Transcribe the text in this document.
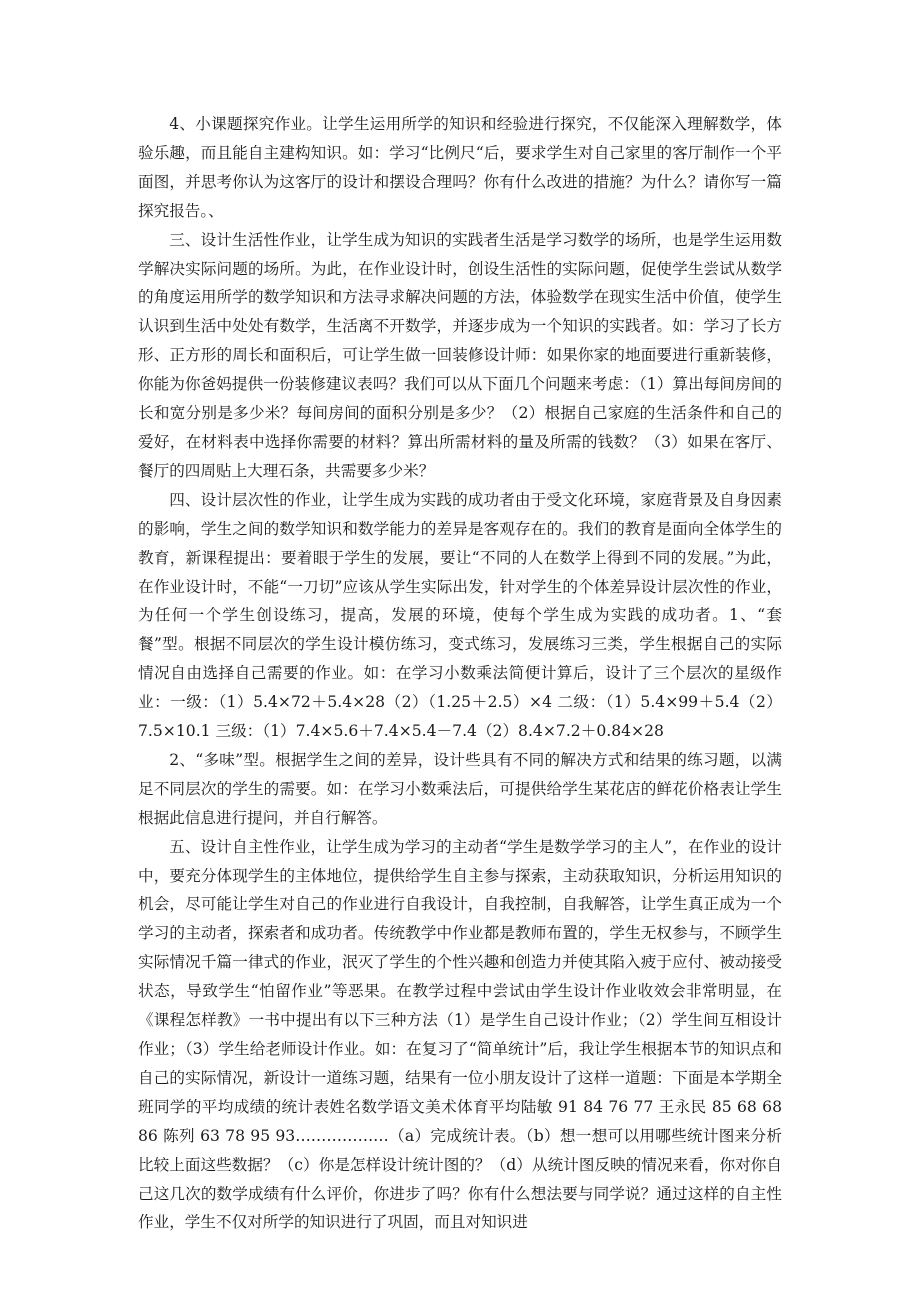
4、小课题探究作业。让学生运用所学的知识和经验进行探究，不仅能深入理解数学，体验乐趣，而且能自主建构知识。如：学习“比例尺“后，要求学生对自己家里的客厅制作一个平面图，并思考你认为这客厅的设计和摆设合理吗？你有什么改进的措施？为什么？请你写一篇探究报告。、

三、设计生活性作业，让学生成为知识的实践者生活是学习数学的场所，也是学生运用数学解决实际问题的场所。为此，在作业设计时，创设生活性的实际问题，促使学生尝试从数学的角度运用所学的数学知识和方法寻求解决问题的方法，体验数学在现实生活中价值，使学生认识到生活中处处有数学，生活离不开数学，并逐步成为一个知识的实践者。如：学习了长方形、正方形的周长和面积后，可让学生做一回装修设计师：如果你家的地面要进行重新装修，你能为你爸妈提供一份装修建议表吗？我们可以从下面几个问题来考虑：（1）算出每间房间的长和宽分别是多少米？每间房间的面积分别是多少？（2）根据自己家庭的生活条件和自己的爱好，在材料表中选择你需要的材料？算出所需材料的量及所需的钱数？（3）如果在客厅、餐厅的四周贴上大理石条，共需要多少米？

四、设计层次性的作业，让学生成为实践的成功者由于受文化环境，家庭背景及自身因素的影响，学生之间的数学知识和数学能力的差异是客观存在的。我们的教育是面向全体学生的教育，新课程提出：要着眼于学生的发展，要让“不同的人在数学上得到不同的发展。”为此，在作业设计时，不能“一刀切”应该从学生实际出发，针对学生的个体差异设计层次性的作业，为任何一个学生创设练习，提高，发展的环境，使每个学生成为实践的成功者。1、“套餐”型。根据不同层次的学生设计模仿练习，变式练习，发展练习三类，学生根据自己的实际情况自由选择自己需要的作业。如：在学习小数乘法简便计算后，设计了三个层次的星级作业：一级：（1）5.4×72＋5.4×28（2）（1.25＋2.5）×4 二级：（1）5.4×99＋5.4（2）7.5×10.1 三级：（1）7.4×5.6＋7.4×5.4－7.4（2）8.4×7.2＋0.84×28

2、“多味”型。根据学生之间的差异，设计些具有不同的解决方式和结果的练习题，以满足不同层次的学生的需要。如：在学习小数乘法后，可提供给学生某花店的鲜花价格表让学生根据此信息进行提问，并自行解答。

五、设计自主性作业，让学生成为学习的主动者“学生是数学学习的主人”，在作业的设计中，要充分体现学生的主体地位，提供给学生自主参与探索，主动获取知识，分析运用知识的机会，尽可能让学生对自己的作业进行自我设计，自我控制，自我解答，让学生真正成为一个学习的主动者，探索者和成功者。传统教学中作业都是教师布置的，学生无权参与，不顾学生实际情况千篇一律式的作业，泯灭了学生的个性兴趣和创造力并使其陷入疲于应付、被动接受状态，导致学生“怕留作业”等恶果。在教学过程中尝试由学生设计作业收效会非常明显，在《课程怎样教》一书中提出有以下三种方法（1）是学生自己设计作业；（2）学生间互相设计作业；（3）学生给老师设计作业。如：在复习了“简单统计”后，我让学生根据本节的知识点和自己的实际情况，新设计一道练习题，结果有一位小朋友设计了这样一道题：下面是本学期全班同学的平均成绩的统计表姓名数学语文美术体育平均陆敏 91 84 76 77 王永民 85 68 68 86 陈列 63 78 95 93………………（a）完成统计表。（b）想一想可以用哪些统计图来分析比较上面这些数据？（c）你是怎样设计统计图的？（d）从统计图反映的情况来看，你对你自己这几次的数学成绩有什么评价，你进步了吗？你有什么想法要与同学说？通过这样的自主性作业，学生不仅对所学的知识进行了巩固，而且对知识进
